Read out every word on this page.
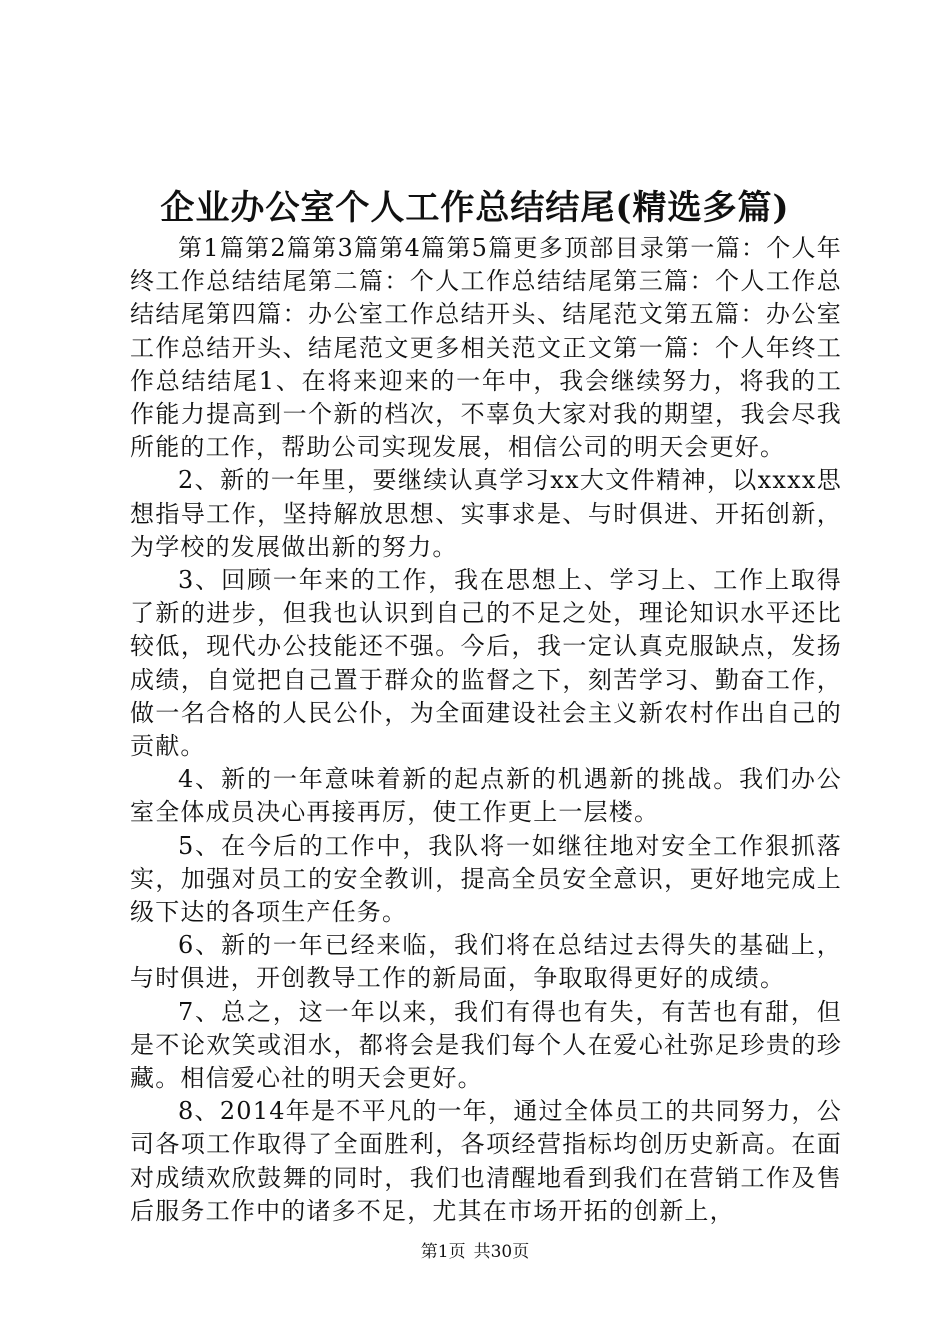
企业办公室个人工作总结结尾(精选多篇)

第1篇第2篇第3篇第4篇第5篇更多顶部目录第一篇：个人年终工作总结结尾第二篇：个人工作总结结尾第三篇：个人工作总结结尾第四篇：办公室工作总结开头、结尾范文第五篇：办公室工作总结开头、结尾范文更多相关范文正文第一篇：个人年终工作总结结尾1、在将来迎来的一年中，我会继续努力，将我的工作能力提高到一个新的档次，不辜负大家对我的期望，我会尽我所能的工作，帮助公司实现发展，相信公司的明天会更好。

2、新的一年里，要继续认真学习xx大文件精神，以xxxx思想指导工作，坚持解放思想、实事求是、与时俱进、开拓创新，为学校的发展做出新的努力。

3、回顾一年来的工作，我在思想上、学习上、工作上取得了新的进步，但我也认识到自己的不足之处，理论知识水平还比较低，现代办公技能还不强。今后，我一定认真克服缺点，发扬成绩，自觉把自己置于群众的监督之下，刻苦学习、勤奋工作，做一名合格的人民公仆，为全面建设社会主义新农村作出自己的贡献。

4、新的一年意味着新的起点新的机遇新的挑战。我们办公室全体成员决心再接再厉，使工作更上一层楼。

5、在今后的工作中，我队将一如继往地对安全工作狠抓落实，加强对员工的安全教训，提高全员安全意识，更好地完成上级下达的各项生产任务。

6、新的一年已经来临，我们将在总结过去得失的基础上，与时俱进，开创教导工作的新局面，争取取得更好的成绩。

7、总之，这一年以来，我们有得也有失，有苦也有甜，但是不论欢笑或泪水，都将会是我们每个人在爱心社弥足珍贵的珍藏。相信爱心社的明天会更好。

8、2014年是不平凡的一年，通过全体员工的共同努力，公司各项工作取得了全面胜利，各项经营指标均创历史新高。在面对成绩欢欣鼓舞的同时，我们也清醒地看到我们在营销工作及售后服务工作中的诸多不足，尤其在市场开拓的创新上，

第1页 共30页
